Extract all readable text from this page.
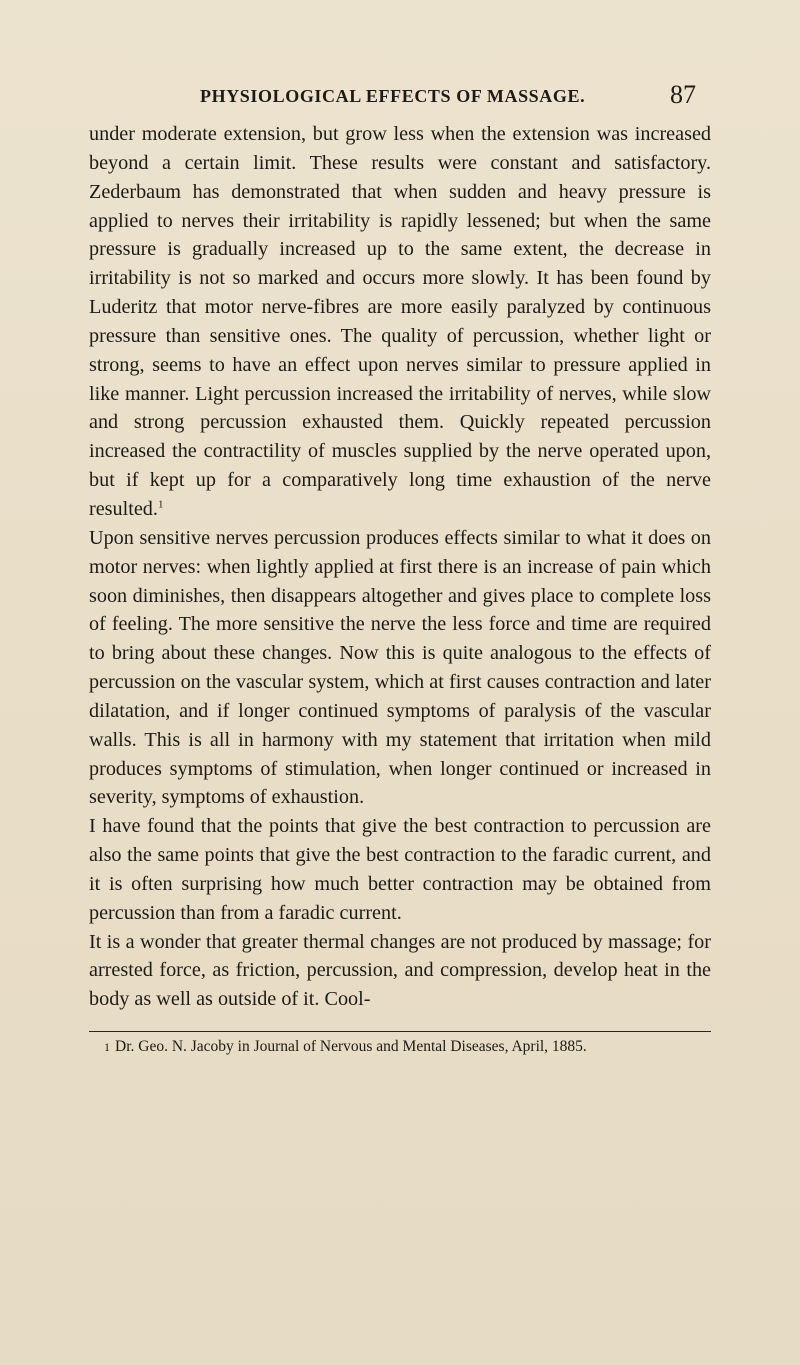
PHYSIOLOGICAL EFFECTS OF MASSAGE.	87

under moderate extension, but grow less when the extension was increased beyond a certain limit. These results were constant and satisfactory. Zederbaum has demonstrated that when sudden and heavy pressure is applied to nerves their irritability is rapidly lessened; but when the same pressure is gradually increased up to the same extent, the decrease in irritability is not so marked and occurs more slowly. It has been found by Luderitz that motor nerve-fibres are more easily paralyzed by continuous pressure than sensitive ones. The quality of percussion, whether light or strong, seems to have an effect upon nerves similar to pressure applied in like manner. Light percussion increased the irritability of nerves, while slow and strong percussion exhausted them. Quickly repeated percussion increased the contractility of muscles supplied by the nerve operated upon, but if kept up for a comparatively long time exhaustion of the nerve resulted.$^1$

Upon sensitive nerves percussion produces effects similar to what it does on motor nerves: when lightly applied at first there is an increase of pain which soon diminishes, then disappears altogether and gives place to complete loss of feeling. The more sensitive the nerve the less force and time are required to bring about these changes. Now this is quite analogous to the effects of percussion on the vascular system, which at first causes contraction and later dilatation, and if longer continued symptoms of paralysis of the vascular walls. This is all in harmony with my statement that irritation when mild produces symptoms of stimulation, when longer continued or increased in severity, symptoms of exhaustion.

I have found that the points that give the best contraction to percussion are also the same points that give the best contraction to the faradic current, and it is often surprising how much better contraction may be obtained from percussion than from a faradic current.

It is a wonder that greater thermal changes are not produced by massage; for arrested force, as friction, percussion, and compression, develop heat in the body as well as outside of it. Cool-

1 Dr. Geo. N. Jacoby in Journal of Nervous and Mental Diseases, April, 1885.
